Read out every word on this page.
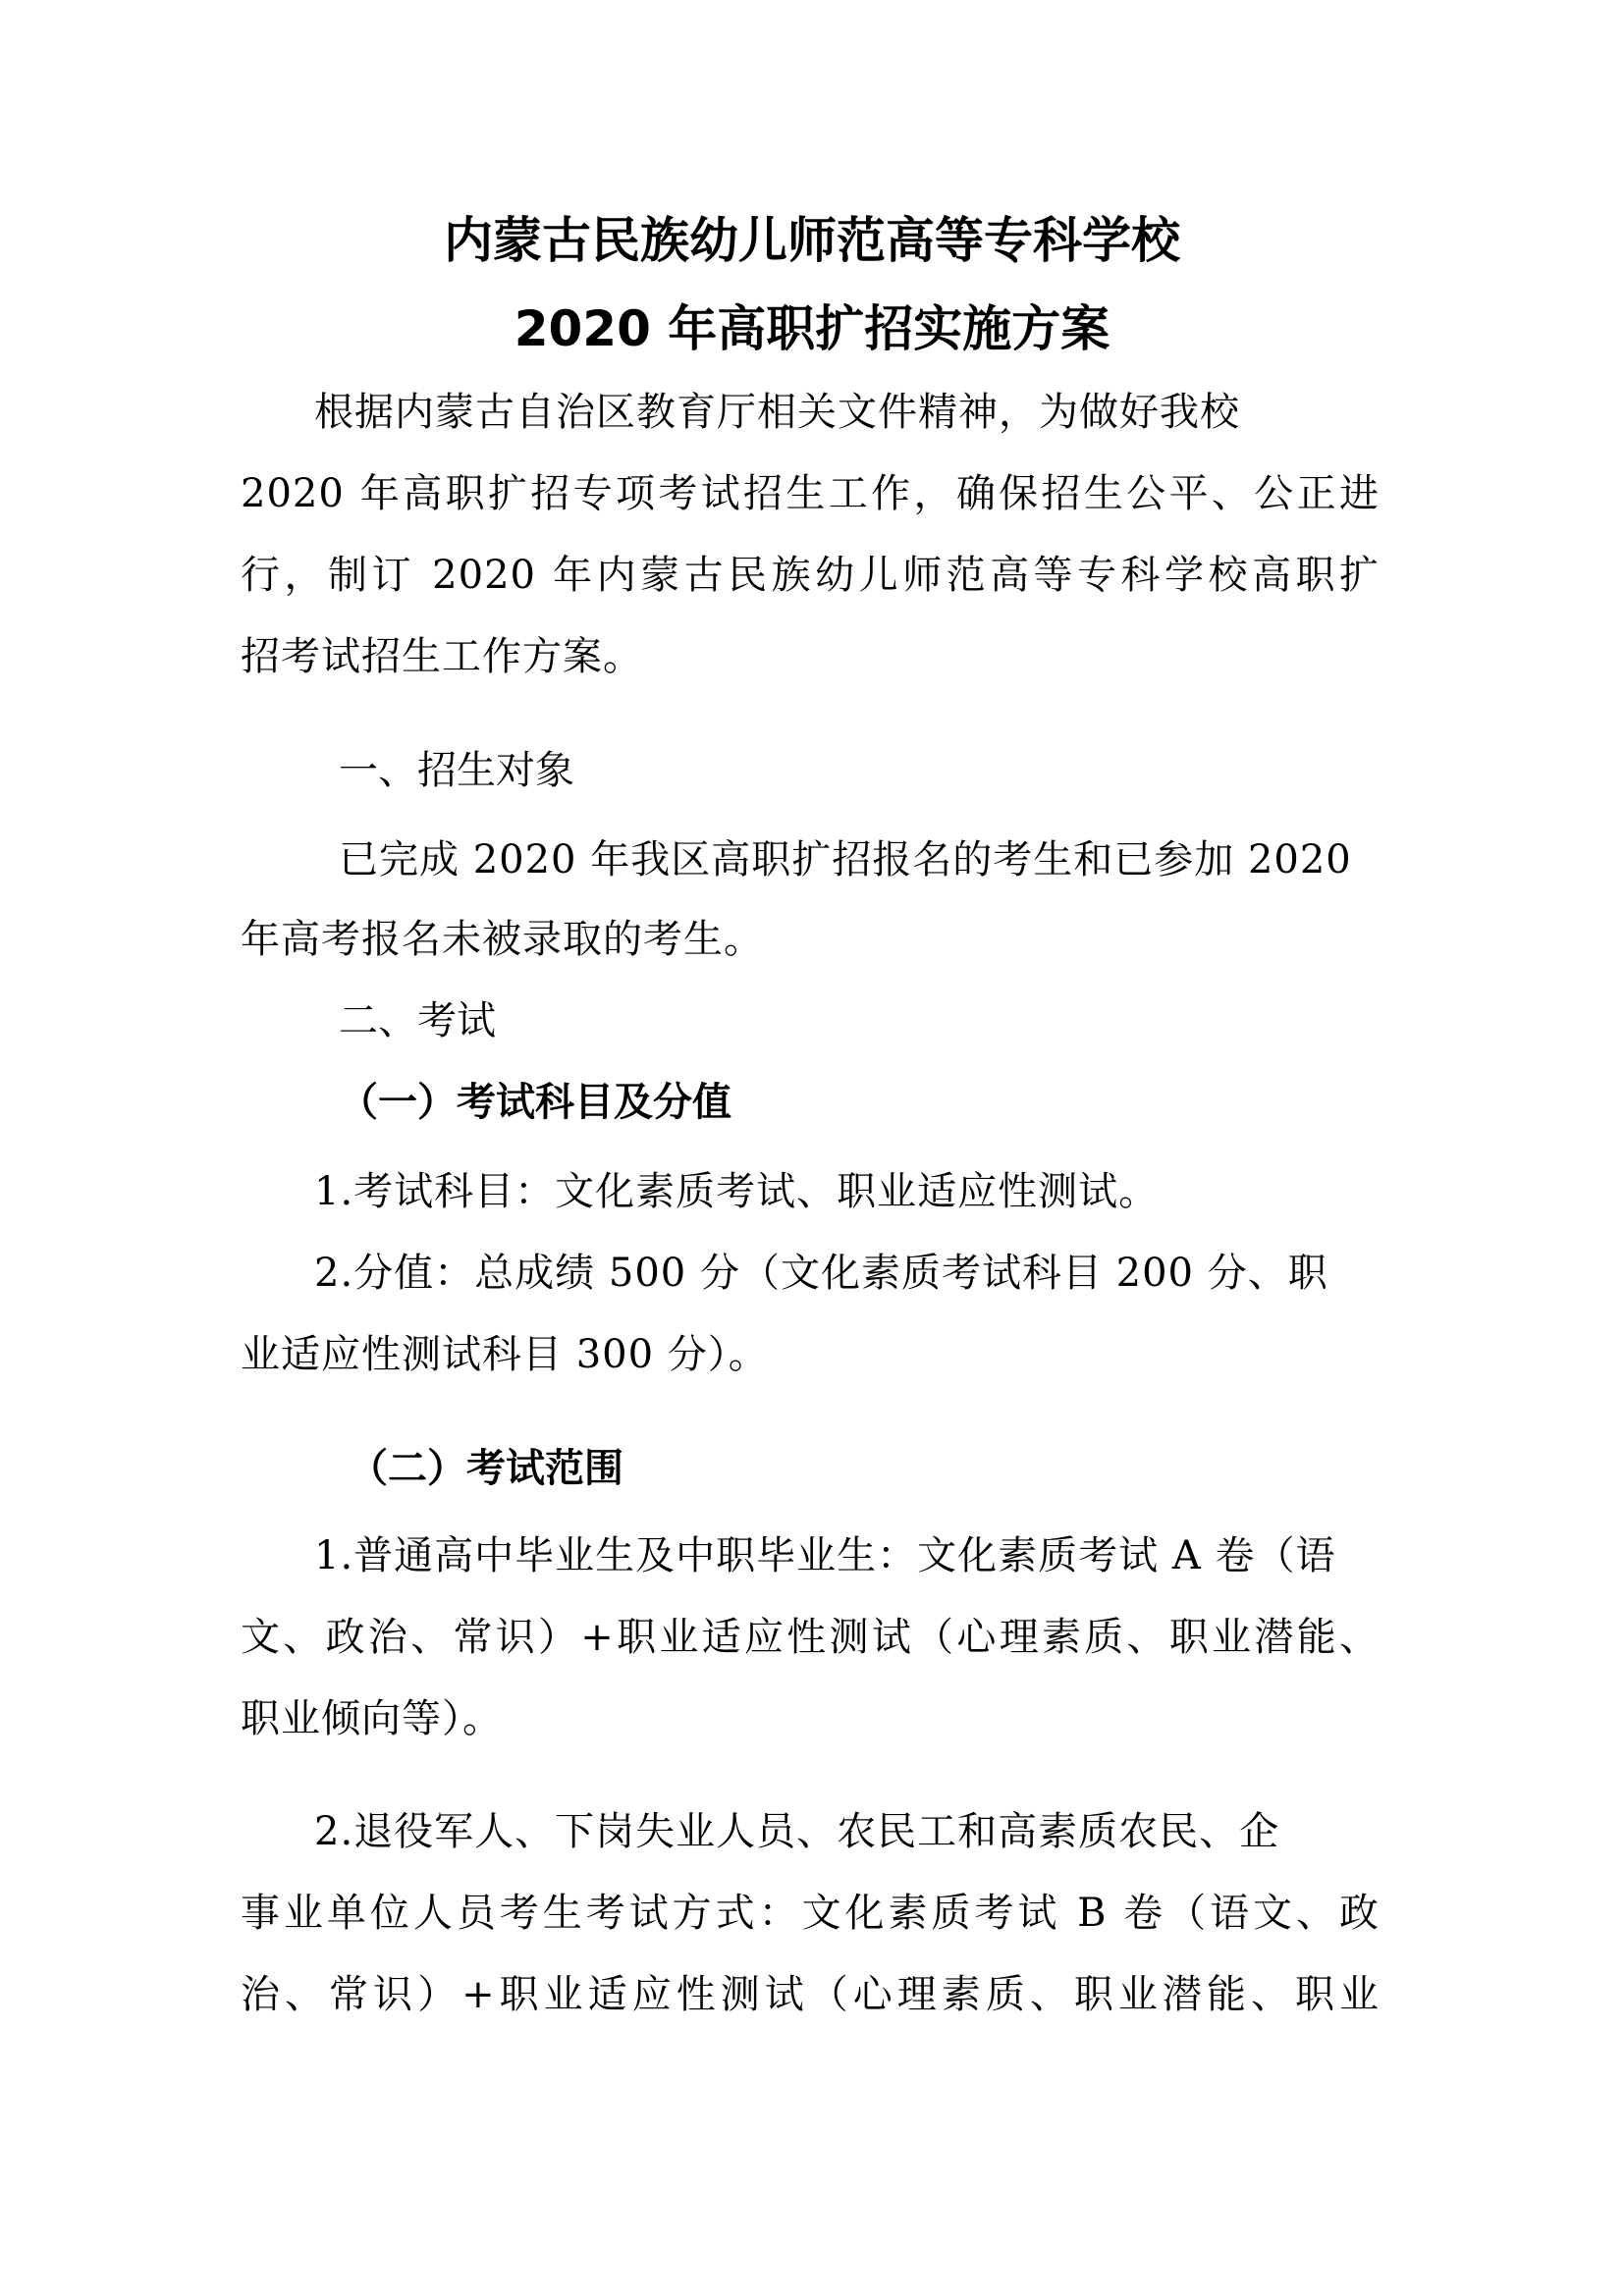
内蒙古民族幼儿师范高等专科学校
2020 年高职扩招实施方案
根据内蒙古自治区教育厅相关文件精神，为做好我校
2020 年高职扩招专项考试招生工作，确保招生公平、公正进
行，制订 2020 年内蒙古民族幼儿师范高等专科学校高职扩
招考试招生工作方案。
一、招生对象
已完成 2020 年我区高职扩招报名的考生和已参加 2020
年高考报名未被录取的考生。
二、考试
（一）考试科目及分值
1.考试科目：文化素质考试、职业适应性测试。
2.分值：总成绩 500 分（文化素质考试科目 200 分、职
业适应性测试科目 300 分）。
（二）考试范围
1.普通高中毕业生及中职毕业生：文化素质考试 A 卷（语
文、政治、常识）+职业适应性测试（心理素质、职业潜能、
职业倾向等）。
2.退役军人、下岗失业人员、农民工和高素质农民、企
事业单位人员考生考试方式：文化素质考试 B 卷（语文、政
治、常识）+职业适应性测试（心理素质、职业潜能、职业
